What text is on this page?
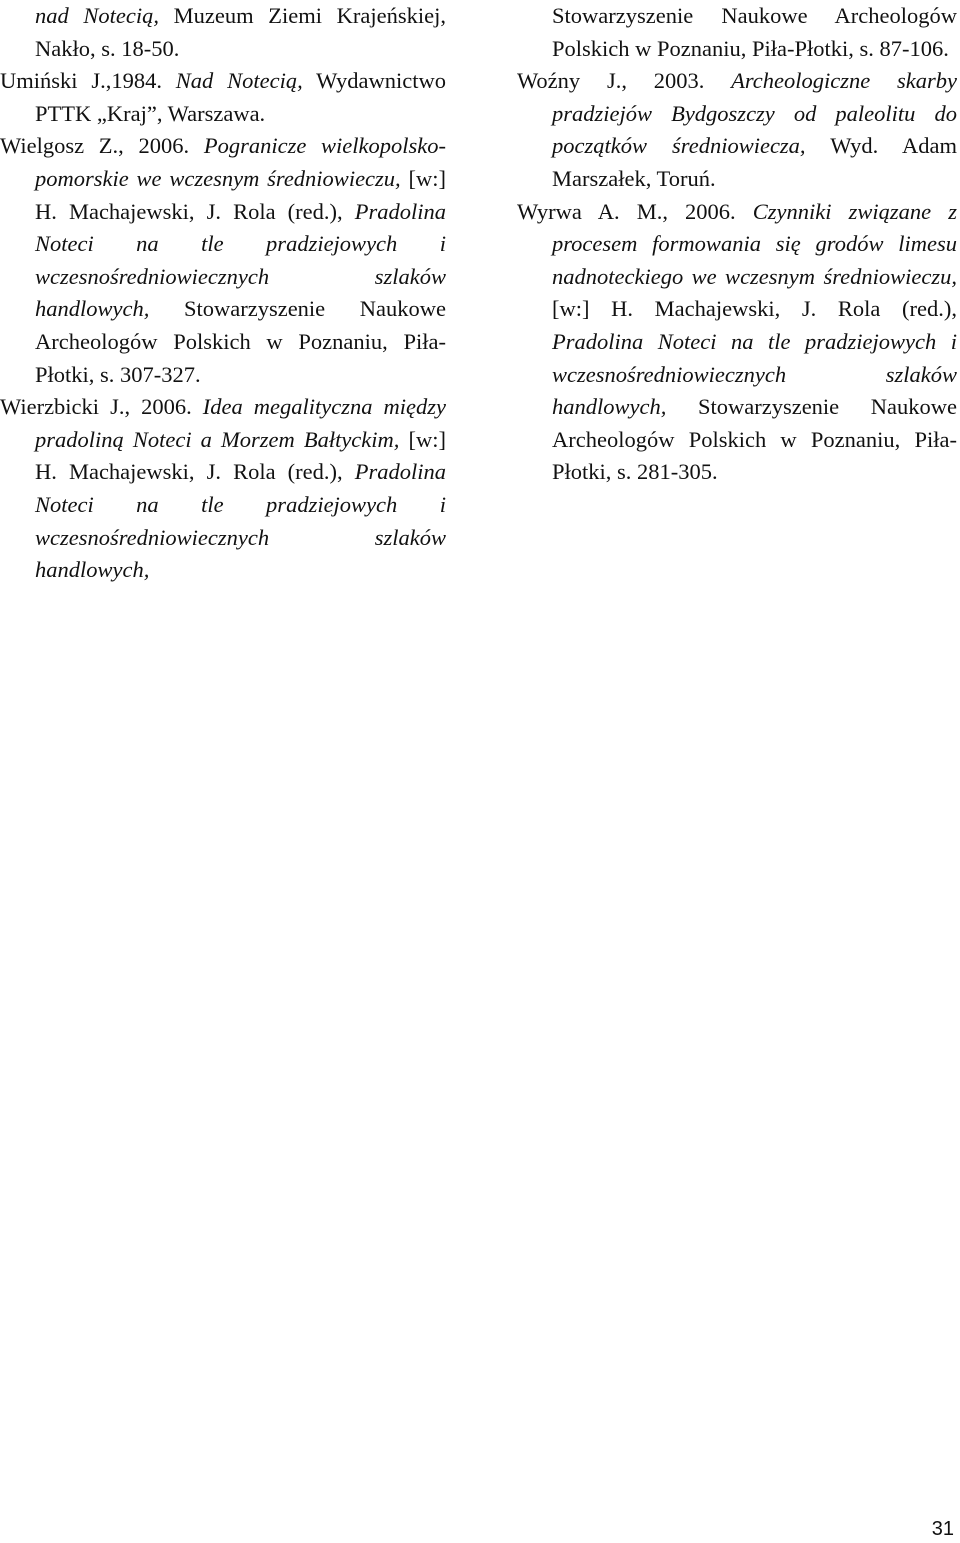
nad Notecią, Muzeum Ziemi Krajeńskiej, Nakło, s. 18-50.

Umiński J.,1984. Nad Notecią, Wydawnictwo PTTK „Kraj”, Warszawa.

Wielgosz Z., 2006. Pogranicze wielkopolsko-pomorskie we wczesnym średniowieczu, [w:] H. Machajewski, J. Rola (red.), Pradolina Noteci na tle pradziejowych i wczesnośredniowiecznych szlaków handlowych, Stowarzyszenie Naukowe Archeologów Polskich w Poznaniu, Piła-Płotki, s. 307-327.

Wierzbicki J., 2006. Idea megalityczna między pradoliną Noteci a Morzem Bałtyckim, [w:] H. Machajewski, J. Rola (red.), Pradolina Noteci na tle pradziejowych i wczesnośredniowiecznych szlaków handlowych,

Stowarzyszenie Naukowe Archeologów Polskich w Poznaniu, Piła-Płotki, s. 87-106.

Woźny J., 2003. Archeologiczne skarby pradziejów Bydgoszczy od paleolitu do początków średniowiecza, Wyd. Adam Marszałek, Toruń.

Wyrwa A. M., 2006. Czynniki związane z procesem formowania się grodów limesu nadnoteckiego we wczesnym średniowieczu, [w:] H. Machajewski, J. Rola (red.), Pradolina Noteci na tle pradziejowych i wczesnośredniowiecznych szlaków handlowych, Stowarzyszenie Naukowe Archeologów Polskich w Poznaniu, Piła-Płotki, s. 281-305.

31
